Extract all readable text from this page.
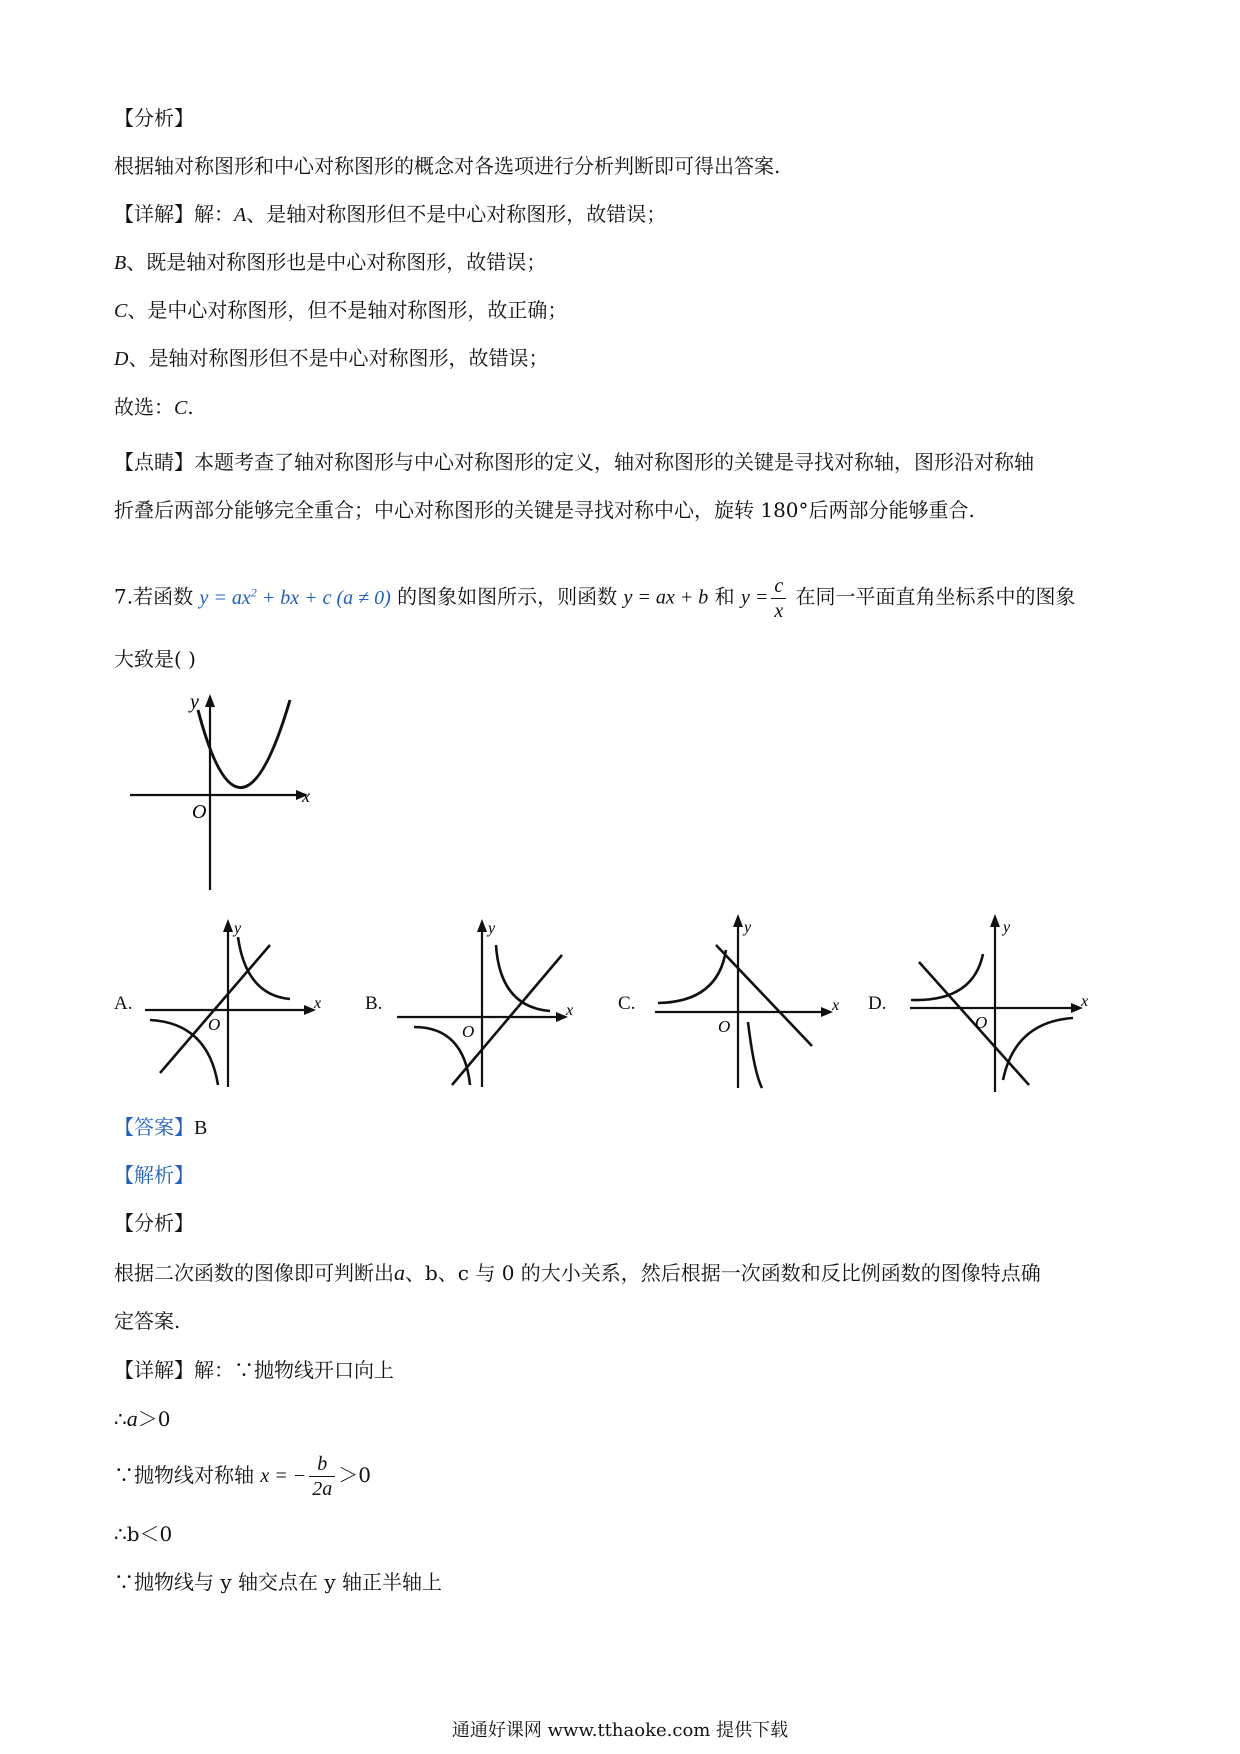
【分析】
根据轴对称图形和中心对称图形的概念对各选项进行分析判断即可得出答案.
【详解】解：A、是轴对称图形但不是中心对称图形，故错误；
B、既是轴对称图形也是中心对称图形，故错误；
C、是中心对称图形，但不是轴对称图形，故正确；
D、是轴对称图形但不是中心对称图形，故错误；
故选：C.
【点睛】本题考查了轴对称图形与中心对称图形的定义，轴对称图形的关键是寻找对称轴，图形沿对称轴
折叠后两部分能够完全重合；中心对称图形的关键是寻找对称中心，旋转 180°后两部分能够重合.
7.若函数 $y = ax^2$ + bx + c (a ≠ 0) 的图象如图所示，则函数 y = ax + b 和 $y = \frac{c}{x}$ 在同一平面直角坐标系中的图象
大致是( )
y
x
O
A.
y
x
O
B.
y
x
O
C.
y
x
O
D.
y
x
O
【答案】B
【解析】
【分析】
根据二次函数的图像即可判断出a、b、c 与 0 的大小关系，然后根据一次函数和反比例函数的图像特点确
定答案.
【详解】解：∵抛物线开口向上
∴a＞0
∵抛物线对称轴 x = − $\frac{b}{2a} >0$
∴b＜0
∵抛物线与 y 轴交点在 y 轴正半轴上
通通好课网 www.tthaoke.com 提供下载
